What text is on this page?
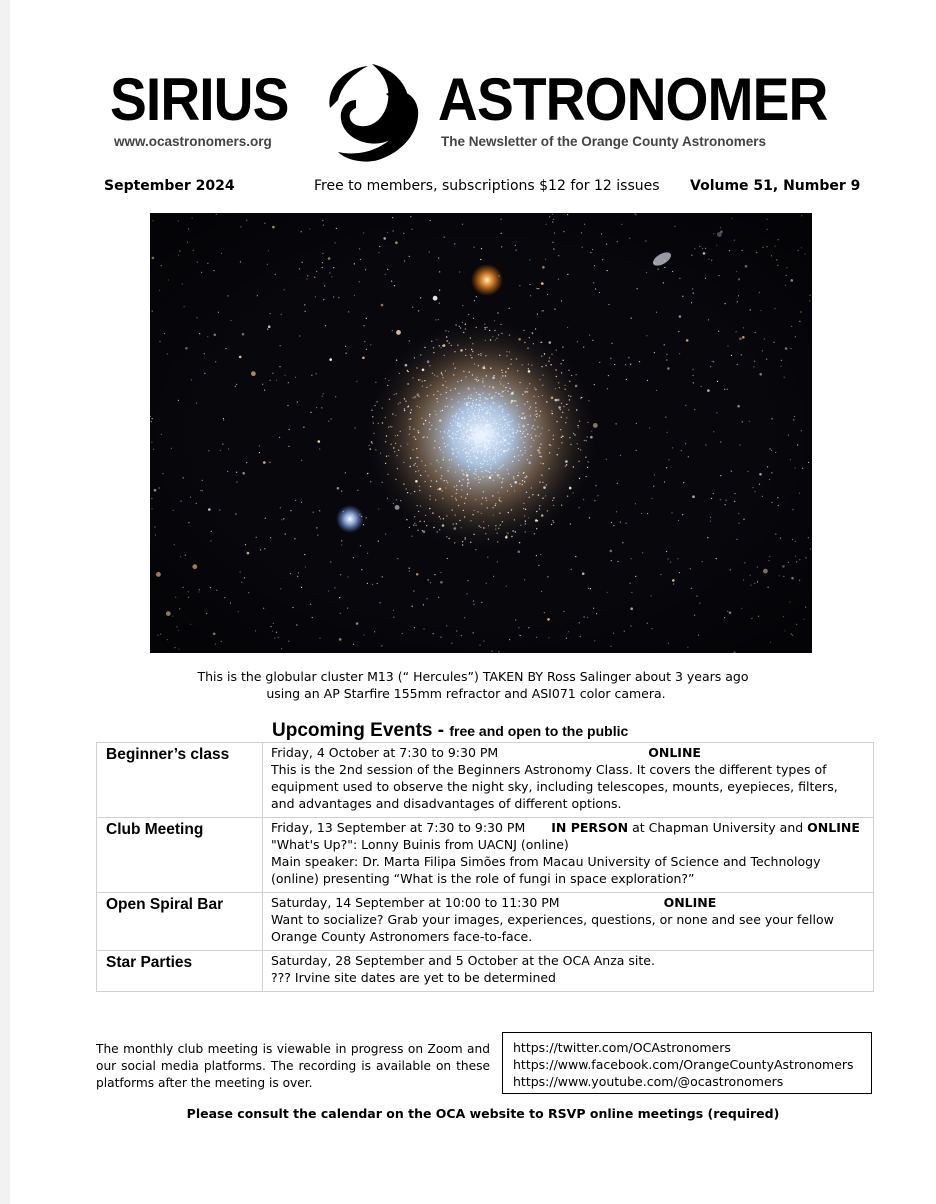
SIRIUS ASTRONOMER
www.ocastronomers.org	The Newsletter of the Orange County Astronomers
September 2024	Free to members, subscriptions $12 for 12 issues Volume 51, Number 9
This is the globular cluster M13 (“ Hercules”) TAKEN BY Ross Salinger about 3 years ago
using an AP Starfire 155mm refractor and ASI071 color camera.
Upcoming Events - free and open to the public
Beginner’s class	Friday, 4 October at 7:30 to 9:30 PM ONLINE
This is the 2nd session of the Beginners Astronomy Class. It covers the different types of equipment used to observe the night sky, including telescopes, mounts, eyepieces, filters, and advantages and disadvantages of different options.

Club Meeting	Friday, 13 September at 7:30 to 9:30 PM IN PERSON at Chapman University and ONLINE
"What's Up?": Lonny Buinis from UACNJ (online)
Main speaker: Dr. Marta Filipa Simões from Macau University of Science and Technology (online) presenting “What is the role of fungi in space exploration?”

Open Spiral Bar	Saturday, 14 September at 10:00 to 11:30 PM ONLINE
Want to socialize? Grab your images, experiences, questions, or none and see your fellow Orange County Astronomers face-to-face.

Star Parties	Saturday, 28 September and 5 October at the OCA Anza site.
??? Irvine site dates are yet to be determined
The monthly club meeting is viewable in progress on Zoom and our social media platforms. The recording is available on these platforms after the meeting is over.
https://twitter.com/OCAstronomers
https://www.facebook.com/OrangeCountyAstronomers
https://www.youtube.com/@ocastronomers
Please consult the calendar on the OCA website to RSVP online meetings (required)
